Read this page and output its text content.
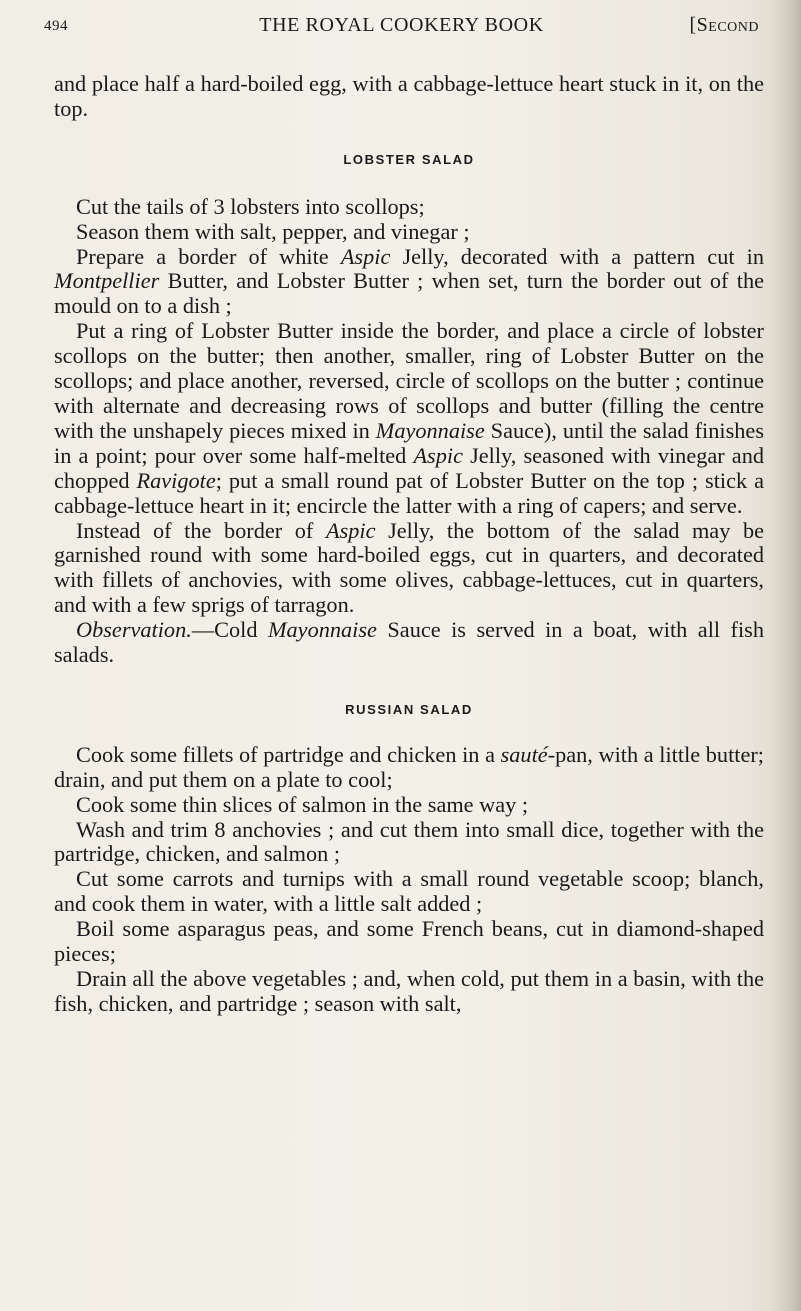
494	THE ROYAL COOKERY BOOK	[Second

and place half a hard-boiled egg, with a cabbage-lettuce heart stuck in it, on the top.

LOBSTER SALAD

Cut the tails of 3 lobsters into scollops;

Season them with salt, pepper, and vinegar ;

Prepare a border of white Aspic Jelly, decorated with a pattern cut in Montpellier Butter, and Lobster Butter ; when set, turn the border out of the mould on to a dish ;

Put a ring of Lobster Butter inside the border, and place a circle of lobster scollops on the butter; then another, smaller, ring of Lobster Butter on the scollops; and place another, reversed, circle of scollops on the butter ; continue with alternate and decreasing rows of scollops and butter (filling the centre with the unshapely pieces mixed in Mayonnaise Sauce), until the salad finishes in a point; pour over some half-melted Aspic Jelly, seasoned with vinegar and chopped Ravigote; put a small round pat of Lobster Butter on the top ; stick a cabbage-lettuce heart in it; encircle the latter with a ring of capers; and serve.

Instead of the border of Aspic Jelly, the bottom of the salad may be garnished round with some hard-boiled eggs, cut in quarters, and decorated with fillets of anchovies, with some olives, cabbage-lettuces, cut in quarters, and with a few sprigs of tarragon.

Observation.—Cold Mayonnaise Sauce is served in a boat, with all fish salads.

RUSSIAN SALAD

Cook some fillets of partridge and chicken in a sauté-pan, with a little butter; drain, and put them on a plate to cool;

Cook some thin slices of salmon in the same way ;

Wash and trim 8 anchovies ; and cut them into small dice, together with the partridge, chicken, and salmon ;

Cut some carrots and turnips with a small round vegetable scoop; blanch, and cook them in water, with a little salt added ;

Boil some asparagus peas, and some French beans, cut in diamond-shaped pieces;

Drain all the above vegetables ; and, when cold, put them in a basin, with the fish, chicken, and partridge ; season with salt,
